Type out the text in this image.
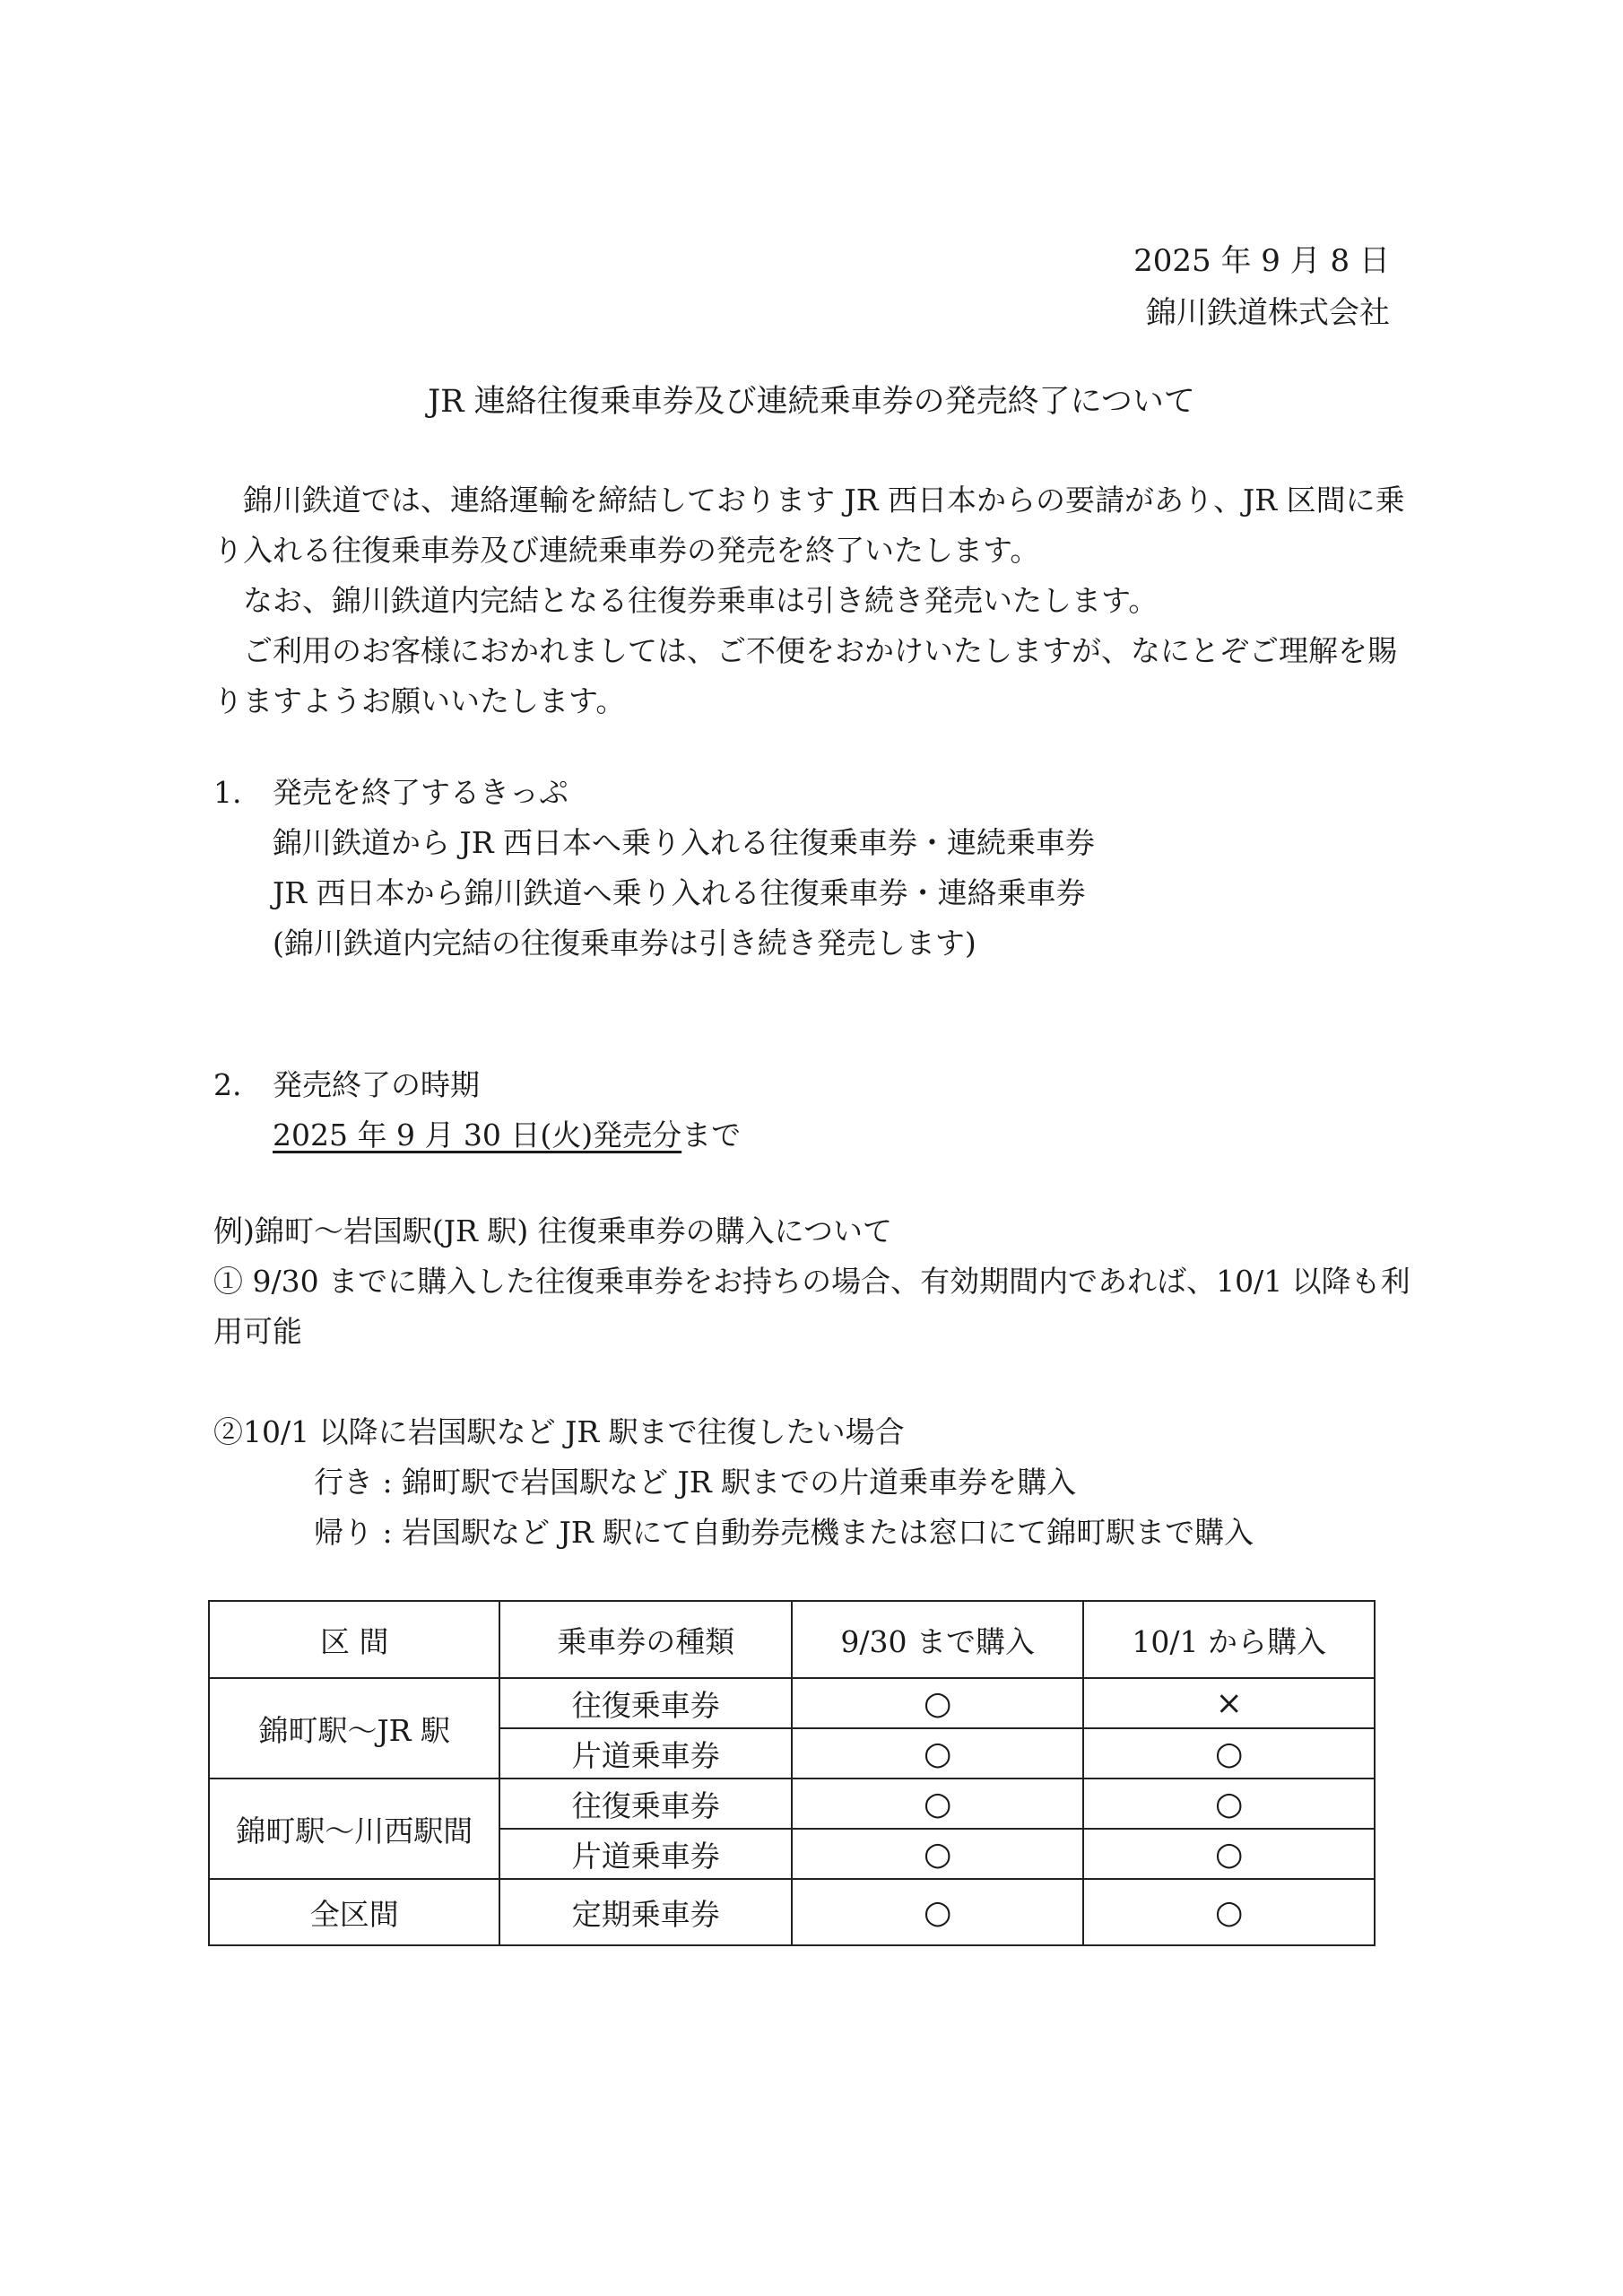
2025 年 9 月 8 日
錦川鉄道株式会社
JR 連絡往復乗車券及び連続乗車券の発売終了について

錦川鉄道では、連絡運輸を締結しております JR 西日本からの要請があり、JR 区間に乗り入れる往復乗車券及び連続乗車券の発売を終了いたします。

なお、錦川鉄道内完結となる往復券乗車は引き続き発売いたします。

ご利用のお客様におかれましては、ご不便をおかけいたしますが、なにとぞご理解を賜りますようお願いいたします。

1. 発売を終了するきっぷ

錦川鉄道から JR 西日本へ乗り入れる往復乗車券・連続乗車券

JR 西日本から錦川鉄道へ乗り入れる往復乗車券・連絡乗車券

(錦川鉄道内完結の往復乗車券は引き続き発売します)

2. 発売終了の時期

2025 年 9 月 30 日(火)発売分まで

例)錦町～岩国駅(JR 駅) 往復乗車券の購入について

① 9/30 までに購入した往復乗車券をお持ちの場合、有効期間内であれば、10/1 以降も利用可能

②10/1 以降に岩国駅など JR 駅まで往復したい場合

行き : 錦町駅で岩国駅など JR 駅までの片道乗車券を購入

帰り : 岩国駅など JR 駅にて自動券売機または窓口にて錦町駅まで購入

区 間	乗車券の種類	9/30 まで購入	10/1 から購入
錦町駅～JR 駅	往復乗車券	○	×
	片道乗車券	○	○
錦町駅～川西駅間	往復乗車券	○	○
	片道乗車券	○	○
全区間	定期乗車券	○	○
